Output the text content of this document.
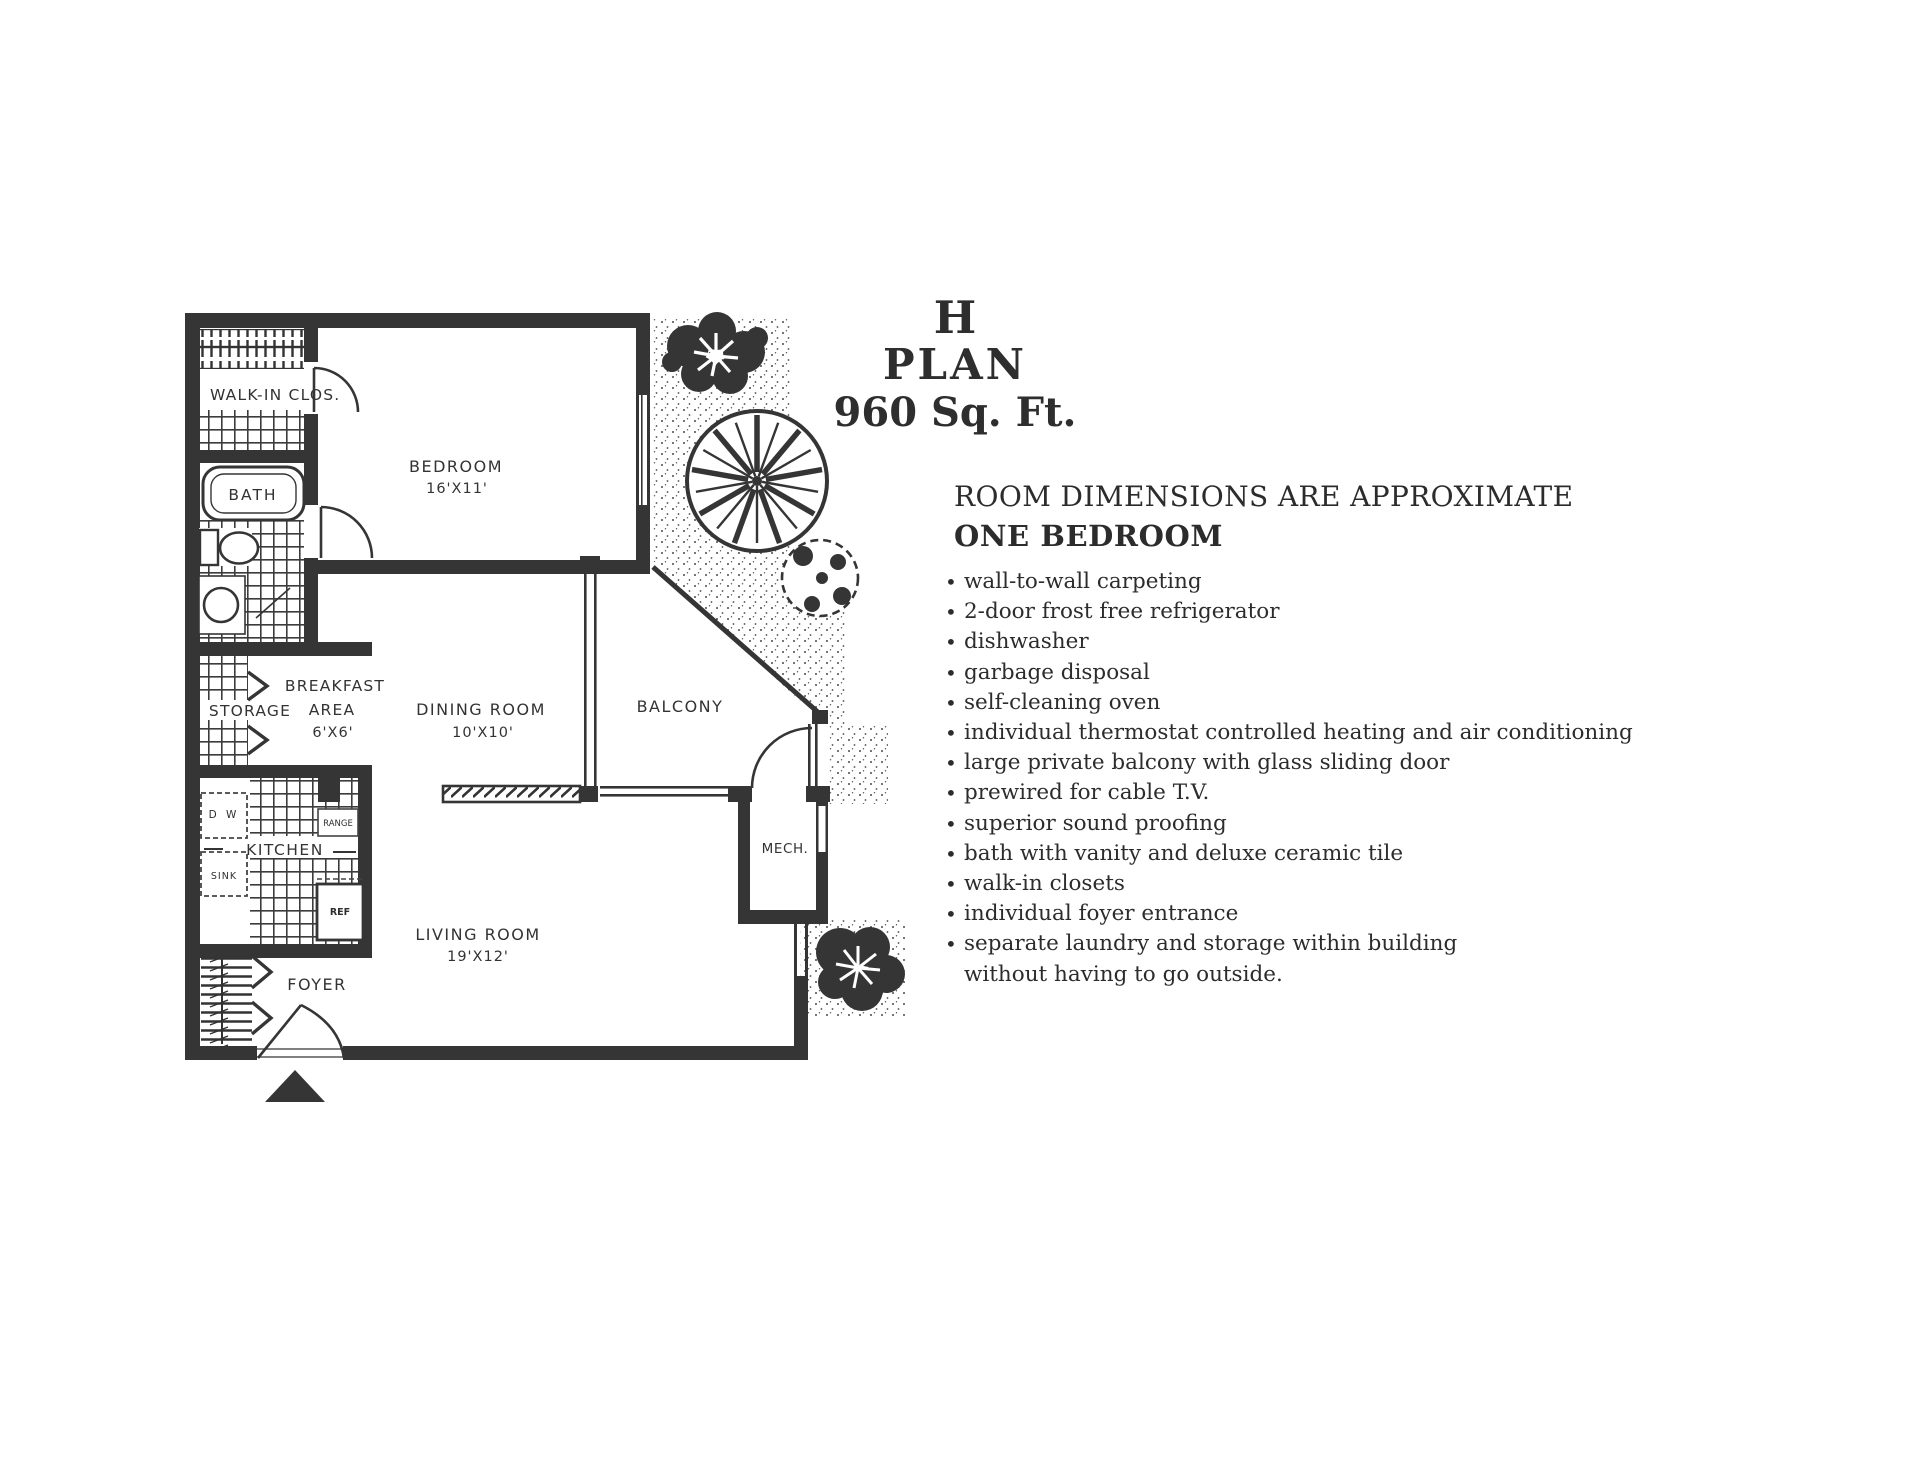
D W
SINK
RANGE
REF
WALK-IN CLOS.
BATH
BEDROOM
16'X11'
STORAGE
BREAKFAST
AREA
6'X6'
DINING ROOM
10'X10'
BALCONY
KITCHEN	MECH.
LIVING ROOM
19'X12'
FOYER
H
PLAN
960 Sq. Ft.
ROOM DIMENSIONS ARE APPROXIMATE
ONE BEDROOM
• wall-to-wall carpeting
• 2-door frost free refrigerator
• dishwasher
• garbage disposal
• self-cleaning oven
• individual thermostat controlled heating and air conditioning
• large private balcony with glass sliding door
• prewired for cable T.V.
• superior sound proofing
• bath with vanity and deluxe ceramic tile
• walk-in closets
• individual foyer entrance
• separate laundry and storage within building
without having to go outside.
